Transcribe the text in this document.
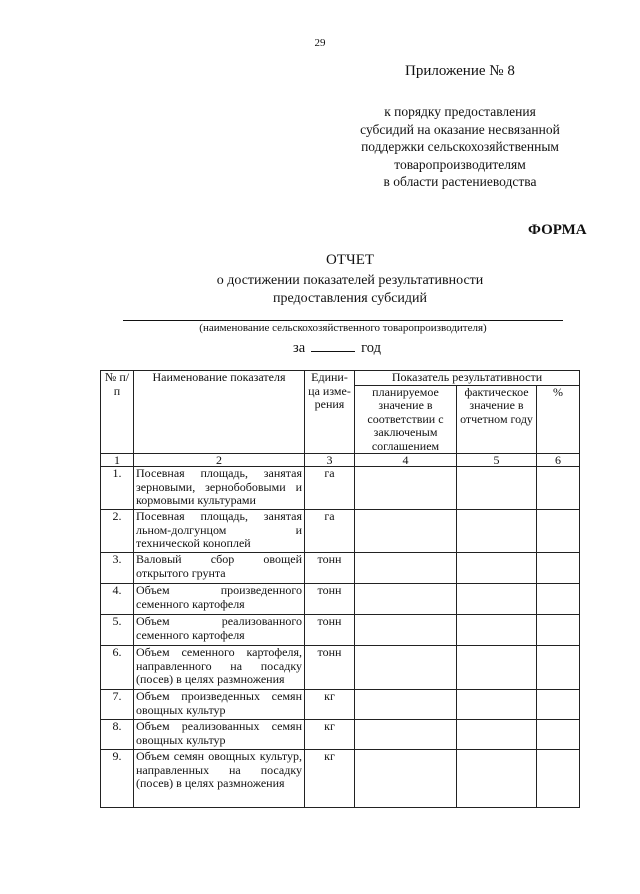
29
Приложение № 8
к порядку предоставления
субсидий на оказание несвязанной
поддержки сельскохозяйственным
товаропроизводителям
в области растениеводства
ФОРМА
ОТЧЕТ
о достижении показателей результативности
предоставления субсидий
(наименование сельскохозяйственного товаропроизводителя)
за	год
№ п/п	Наименование показателя	Едини-ца изме-рения	Показатель результативности		
			планируемое значение в соответствии с заключеным соглашением	фактическое значение в отчетном году	%
1	2	3	4	5	6
1.	Посевная площадь, занятая зерновыми, зернобобовыми и кормовыми культурами	га			
2.	Посевная площадь, занятая льном-долгунцом и технической коноплей	га			
3.	Валовый сбор овощей открытого грунта	тонн			
4.	Объем произведенного семенного картофеля	тонн			
5.	Объем реализованного семенного картофеля	тонн			
6.	Объем семенного картофеля, направленного на посадку (посев) в целях размножения	тонн			
7.	Объем произведенных семян овощных культур	кг			
8.	Объем реализованных семян овощных культур	кг			
9.	Объем семян овощных культур, направленных на посадку (посев) в целях размножения	кг			
